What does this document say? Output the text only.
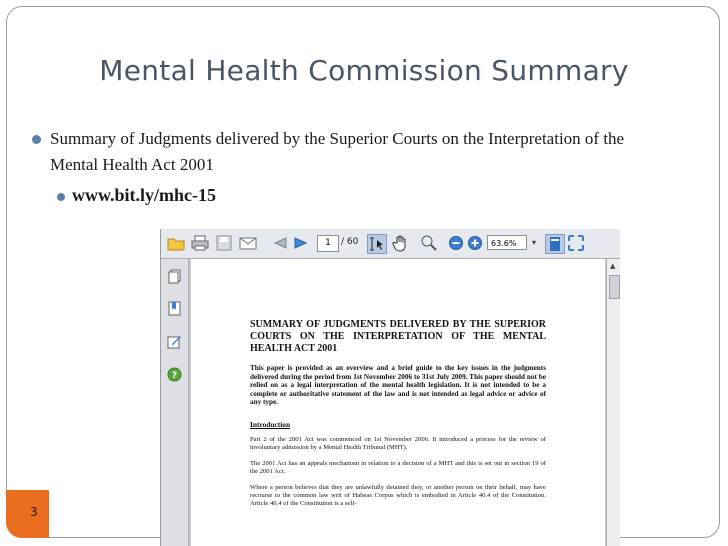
Mental Health Commission Summary
Summary of Judgments delivered by the Superior Courts on the Interpretation of the Mental Health Act 2001
www.bit.ly/mhc-15
1	/ 60	63.6%	▾
?

SUMMARY OF JUDGMENTS DELIVERED BY THE SUPERIOR COURTS ON THE INTERPRETATION OF THE MENTAL HEALTH ACT 2001

This paper is provided as an overview and a brief guide to the key issues in the judgments delivered during the period from 1st November 2006 to 31st July 2009. This paper should not be relied on as a legal interpretation of the mental health legislation. It is not intended to be a complete or authoritative statement of the law and is not intended as legal advice or advice of any type.

Introduction

Part 2 of the 2001 Act was commenced on 1st November 2006. It introduced a process for the review of involuntary admission by a Mental Health Tribunal (MHT).

The 2001 Act has an appeals mechanism in relation to a decision of a MHT and this is set out in section 19 of the 2001 Act.

Where a person believes that they are unlawfully detained they, or another person on their behalf, may have recourse to the common law writ of Habeas Corpus which is embodied in Article 40.4 of the Constitution. Article 40.4 of the Constitution is a self-

▲
3
